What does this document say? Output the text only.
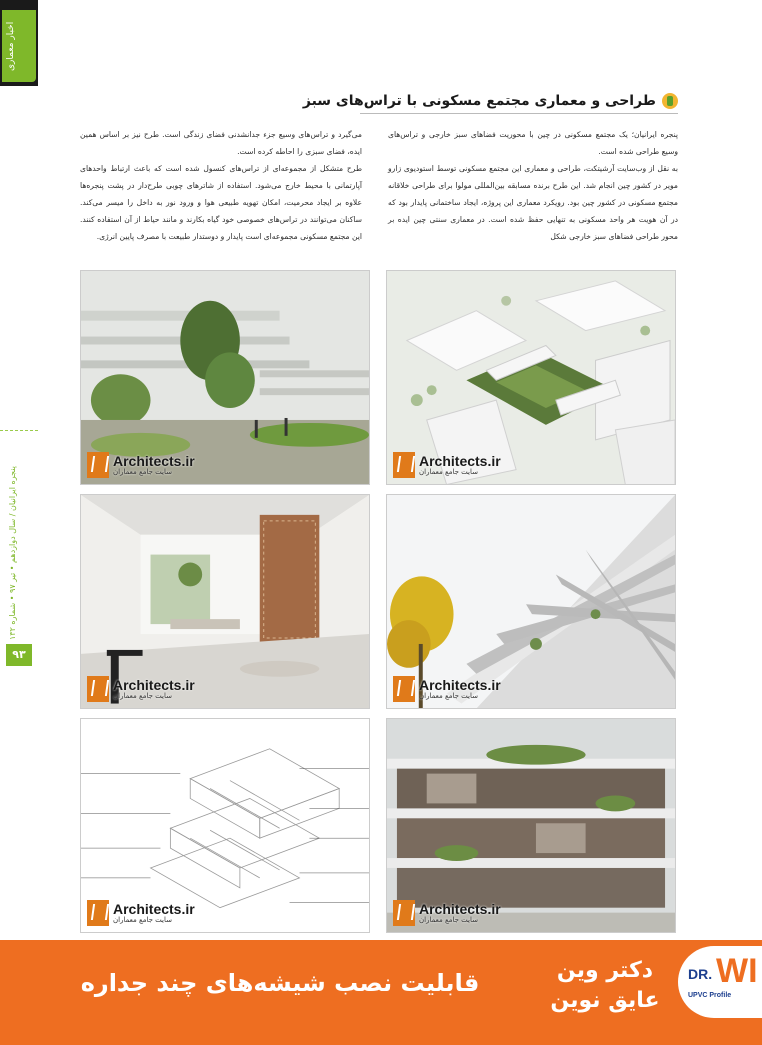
اخبار معماری
پنجره ایرانیان / سال دوازدهم • تیر ۹۷ • شماره ۱۳۲
۹۳
طراحی و معماری مجتمع مسکونی با تراس‌های سبز

پنجره ایرانیان؛ یک مجتمع مسکونی در چین با محوریت فضاهای سبز خارجی و تراس‌های وسیع طراحی شده است.

به نقل از وب‌سایت آرشیتکت، طراحی و معماری این مجتمع مسکونی توسط استودیوی زارو مویر در کشور چین انجام شد. این طرح برنده مسابقه بین‌المللی مولوا برای طراحی خلاقانه مجتمع مسکونی در کشور چین بود. رویکرد معماری این پروژه، ایجاد ساختمانی پایدار بود که در آن هویت هر واحد مسکونی به تنهایی حفظ شده است. در معماری سنتی چین ایده بر محور طراحی فضاهای سبز خارجی شکل

می‌گیرد و تراس‌های وسیع جزء جدانشدنی فضای زندگی است. طرح نیز بر اساس همین ایده، فضای سبزی را احاطه کرده است.

طرح متشکل از مجموعه‌ای از تراس‌های کنسول شده است که باعث ارتباط واحدهای آپارتمانی با محیط خارج می‌شود. استفاده از شاترهای چوبی طرح‌دار در پشت پنجره‌ها علاوه بر ایجاد محرمیت، امکان تهویه طبیعی هوا و ورود نور به داخل را میسر می‌کند. ساکنان می‌توانند در تراس‌های خصوصی خود گیاه بکارند و مانند حیاط از آن استفاده کنند. این مجتمع مسکونی مجموعه‌ای است پایدار و دوستدار طبیعت با مصرف پایین انرژی.

Architects.ir
سایت جامع معماران
Architects.ir
سایت جامع معماران
Architects.ir
سایت جامع معماران
Architects.ir
سایت جامع معماران
Architects.ir
سایت جامع معماران
Architects.ir
سایت جامع معماران
قابلیت نصب شیشه‌های چند جداره	دکتر وین
عایق نوین
DR. WI
UPVC Profile
